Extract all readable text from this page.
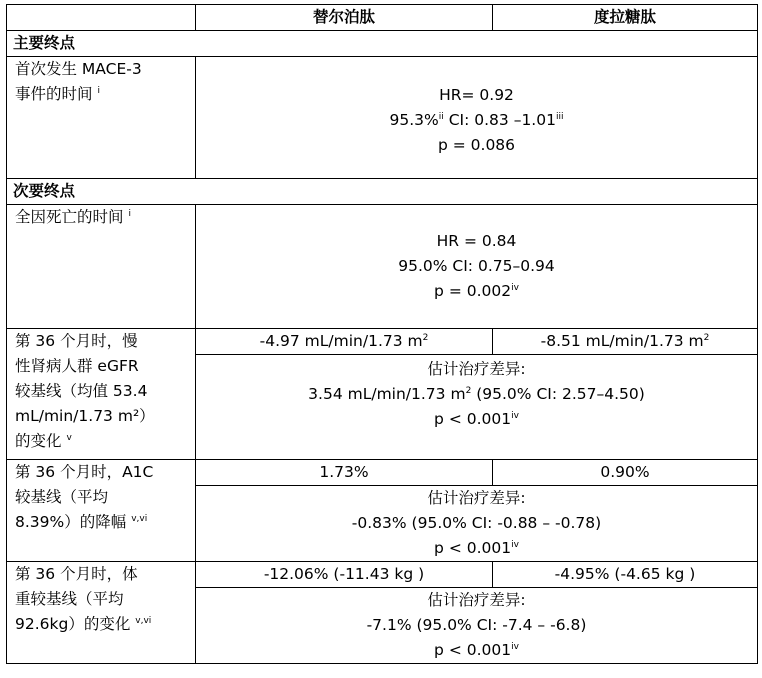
	替尔泊肽	度拉糖肽
主要终点		

首次发生 MACE-3
事件的时间 $^i$	HR= 0.92
95.3%$^{ii}$ CI: 0.83 –1.01$^{iii}$
p = 0.086	

次要终点		
全因死亡的时间 $^i$	HR = 0.84
95.0% CI: 0.75–0.94
$p = 0.002^{iv}$

第 36 个月时，慢
性肾病人群 eGFR
较基线（均值 53.4
mL/min/1.73 m²）
的变化 $^v$	-4.97 mL/min/1.73 $m^2$	-8.51 mL/min/1.73 $m^2$

	估计治疗差异:
3.54 mL/min/1.73 $m^2$ (95.0% CI: 2.57–4.50)
$p < 0.001^{iv}$

第 36 个月时，A1C
较基线（平均
8.39%）的降幅 $^{v,vi}$	1.73%	0.90%

	估计治疗差异:
-0.83% (95.0% CI: -0.88 – -0.78)
$p < 0.001^{iv}$

第 36 个月时，体
重较基线（平均
92.6kg）的变化 $^{v,vi}$	-12.06% (-11.43 kg )	-4.95% (-4.65 kg )

	估计治疗差异:
-7.1% (95.0% CI: -7.4 – -6.8)
$p < 0.001^{iv}$
